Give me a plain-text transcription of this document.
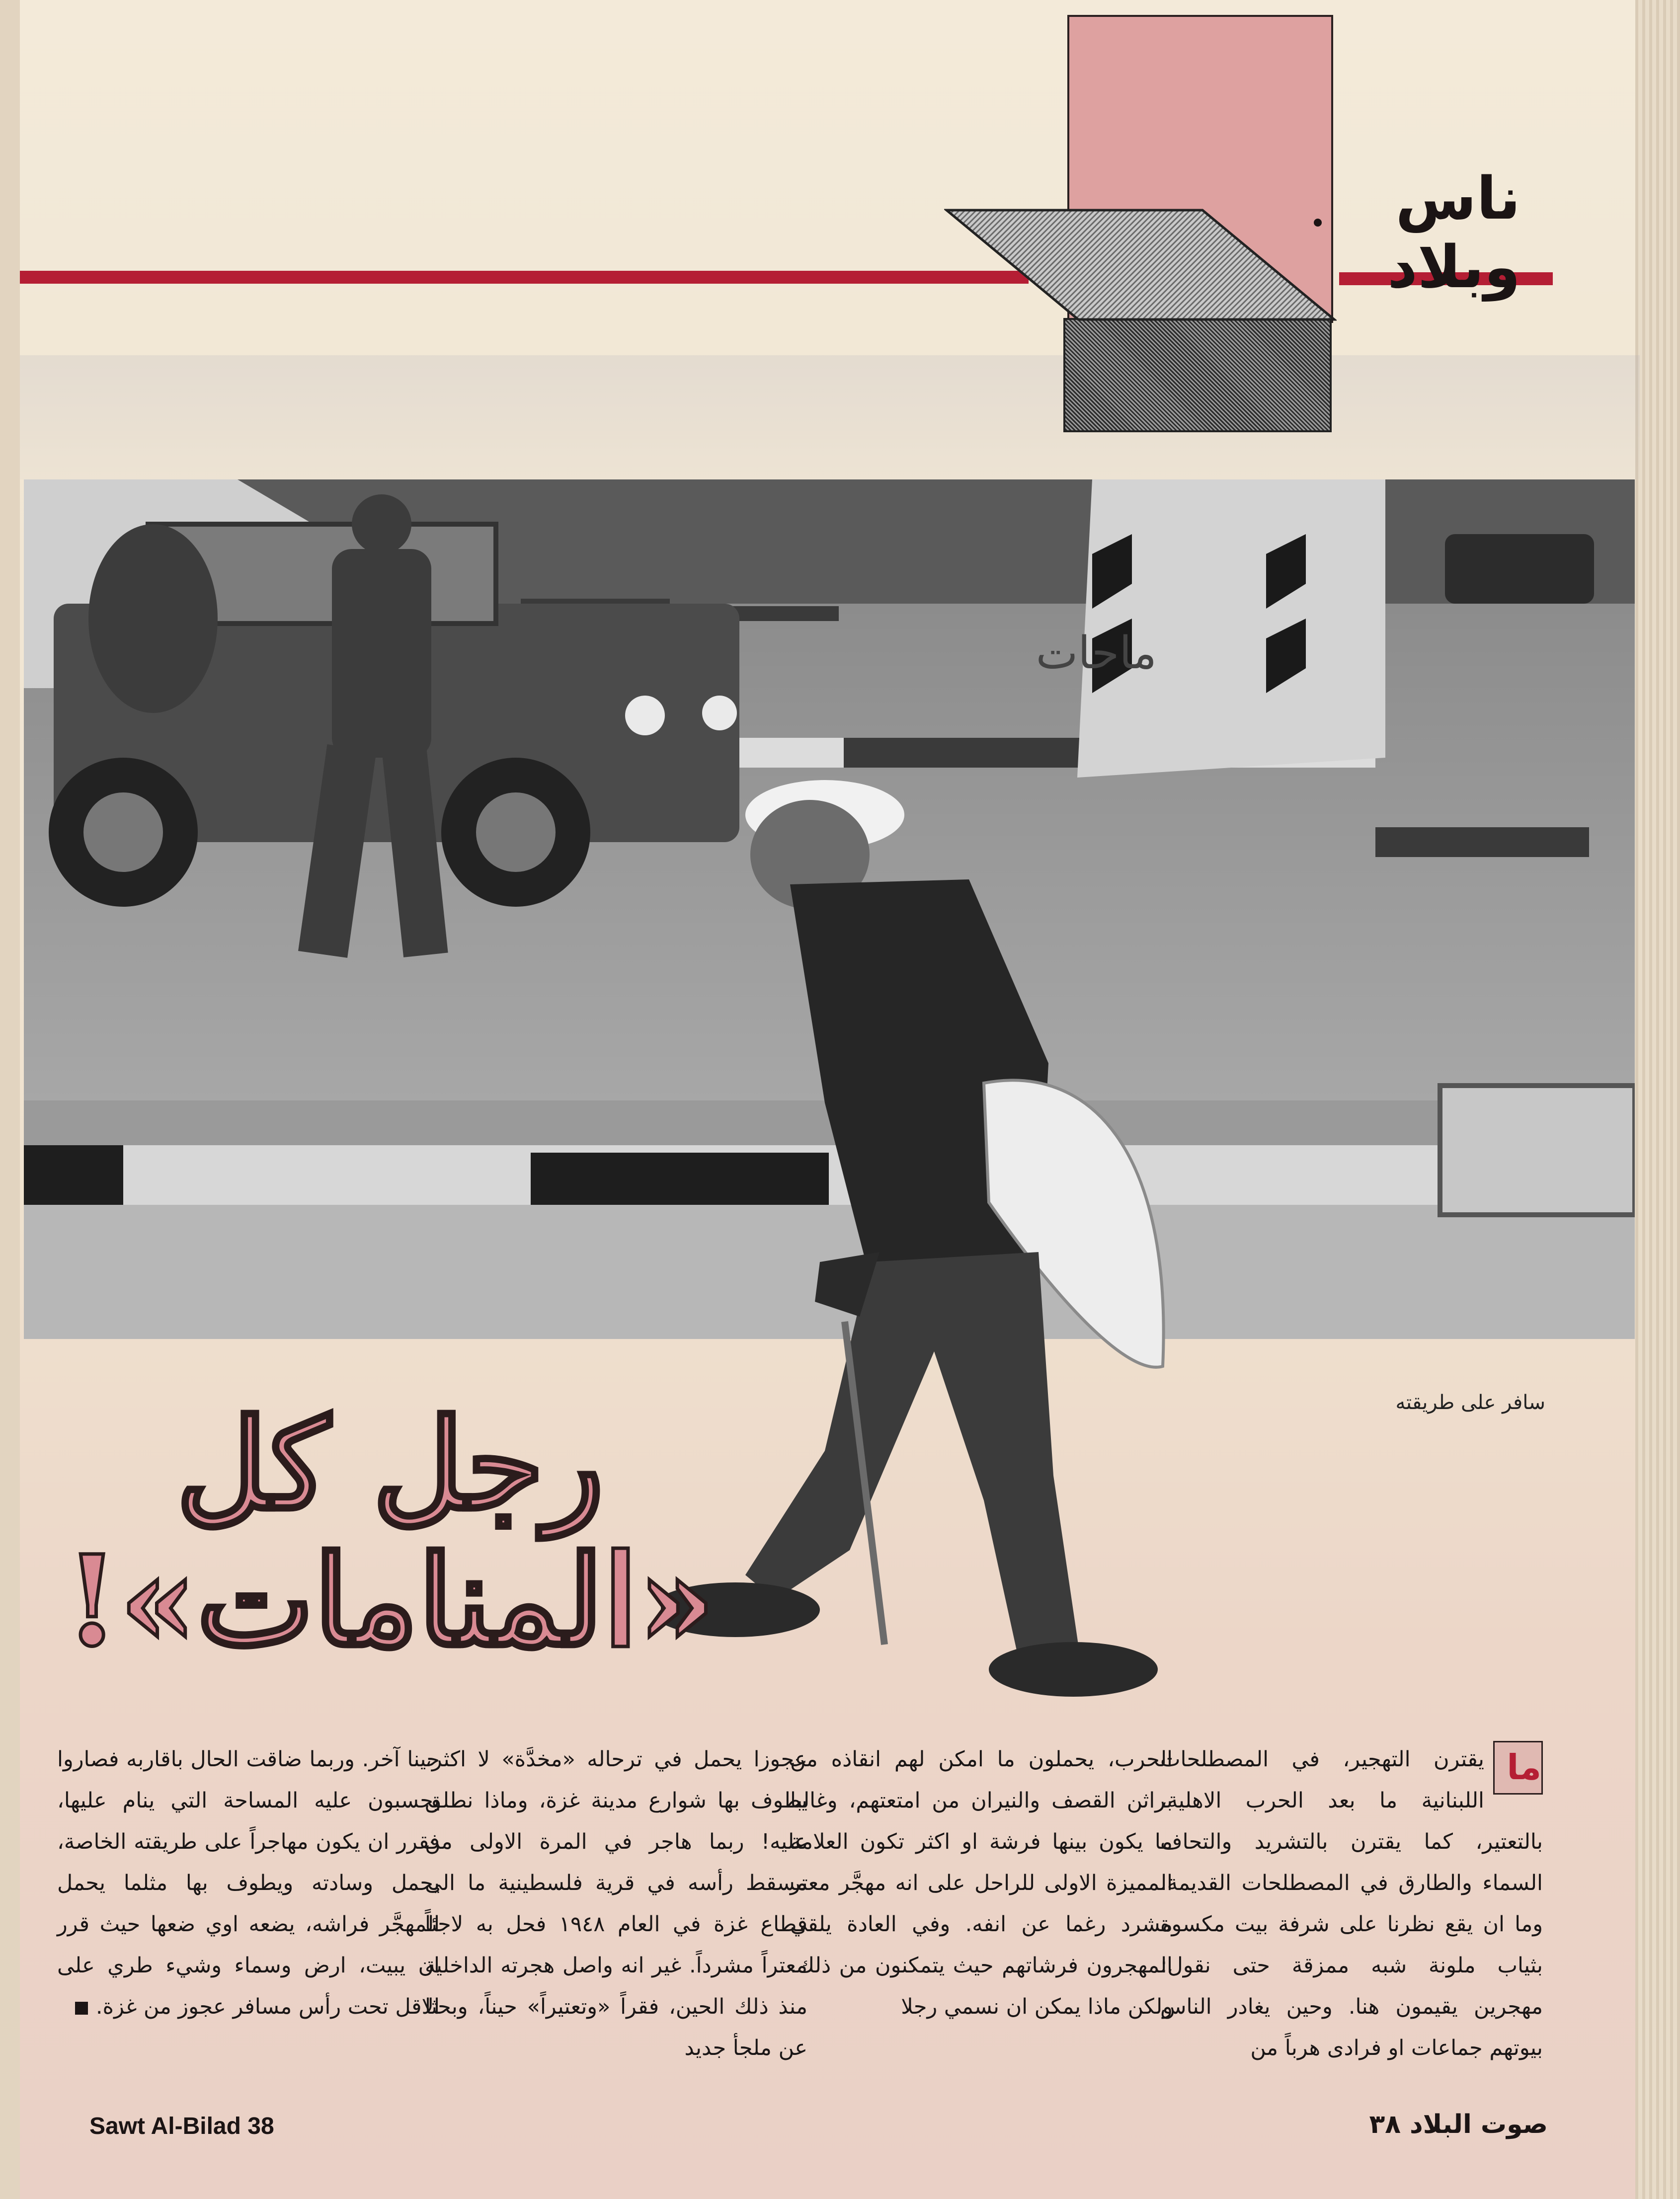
ناس وبلاد
ماحات
سافر على طريقته
رجل كل «المنامات»!
ما

يقترن التهجير، في المصطلحات اللبنانية ما بعد الحرب الاهلية، بالتعتير، كما يقترن بالتشريد والتحاف السماء والطارق في المصطلحات القديمة. وما ان يقع نظرنا على شرفة بيت مكسوة بثياب ملونة شبه ممزقة حتى نقول: مهجرين يقيمون هنا. وحين يغادر الناس بيوتهم جماعات او فرادى هرباً من

الحرب، يحملون ما امكن لهم انقاذه من براثن القصف والنيران من امتعتهم، وغالبا ما يكون بينها فرشة او اكثر تكون العلامة المميزة الاولى للراحل على انه مهجَّر معتر مشرد رغما عن انفه. وفي العادة يلقي المهجرون فرشاتهم حيث يتمكنون من ذلك. ولكن ماذا يمكن ان نسمي رجلا

عجوزا يحمل في ترحاله «مخدَّة» لا اكثر، يطوف بها شوارع مدينة غزة، وماذا نطلق عليه! ربما هاجر في المرة الاولى من مسقط رأسه في قرية فلسطينية ما الى قطاع غزة في العام ١٩٤٨ فحل به لاجئاً معتراً مشرداً. غير انه واصل هجرته الداخلية منذ ذلك الحين، فقراً «وتعتيراً» حيناً، وبحثا عن ملجأ جديد

حينا آخر. وربما ضاقت الحال باقاربه فصاروا يحسبون عليه المساحة التي ينام عليها، فقرر ان يكون مهاجراً على طريقته الخاصة، يحمل وسادته ويطوف بها مثلما يحمل المهجَّر فراشه، يضعه اوي ضعها حيث قرر ان يبيت، ارض وسماء وشيء طري على الاقل تحت رأس مسافر عجوز من غزة.

Sawt Al-Bilad 38	صوت البلاد ٣٨
